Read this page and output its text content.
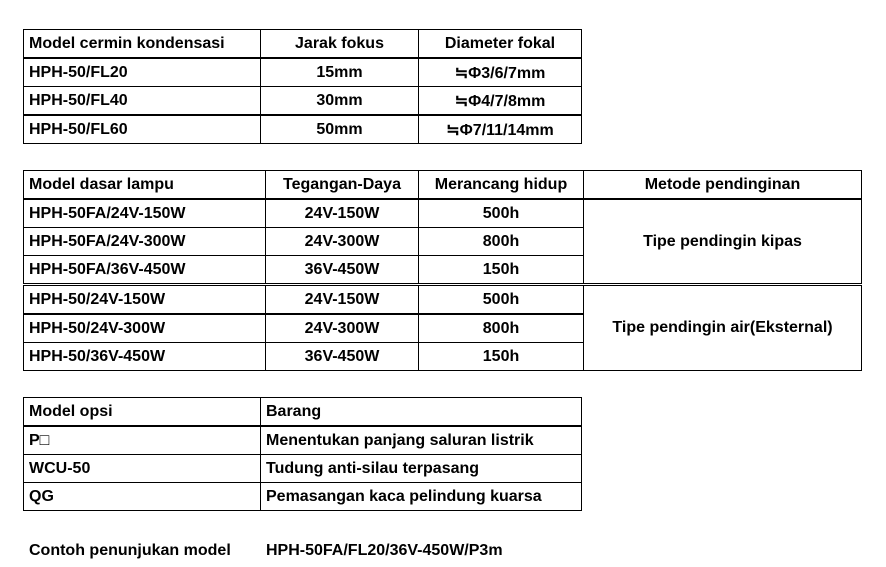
Model cermin kondensasi	Jarak fokus	Diameter fokal
HPH-50/FL20	15mm	≒Φ3/6/7mm
HPH-50/FL40	30mm	≒Φ4/7/8mm
HPH-50/FL60	50mm	≒Φ7/11/14mm
Model dasar lampu	Tegangan-Daya	Merancang hidup	Metode pendinginan
HPH-50FA/24V-150W	24V-150W	500h	Tipe pendingin kipas
HPH-50FA/24V-300W	24V-300W	800h	
HPH-50FA/36V-450W	36V-450W	150h	
HPH-50/24V-150W	24V-150W	500h	Tipe pendingin air(Eksternal)
HPH-50/24V-300W	24V-300W	800h	
HPH-50/36V-450W	36V-450W	150h	
Model opsi	Barang
P□	Menentukan panjang saluran listrik
WCU-50	Tudung anti-silau terpasang
QG	Pemasangan kaca pelindung kuarsa
Contoh penunjukan model HPH-50FA/FL20/36V-450W/P3m
